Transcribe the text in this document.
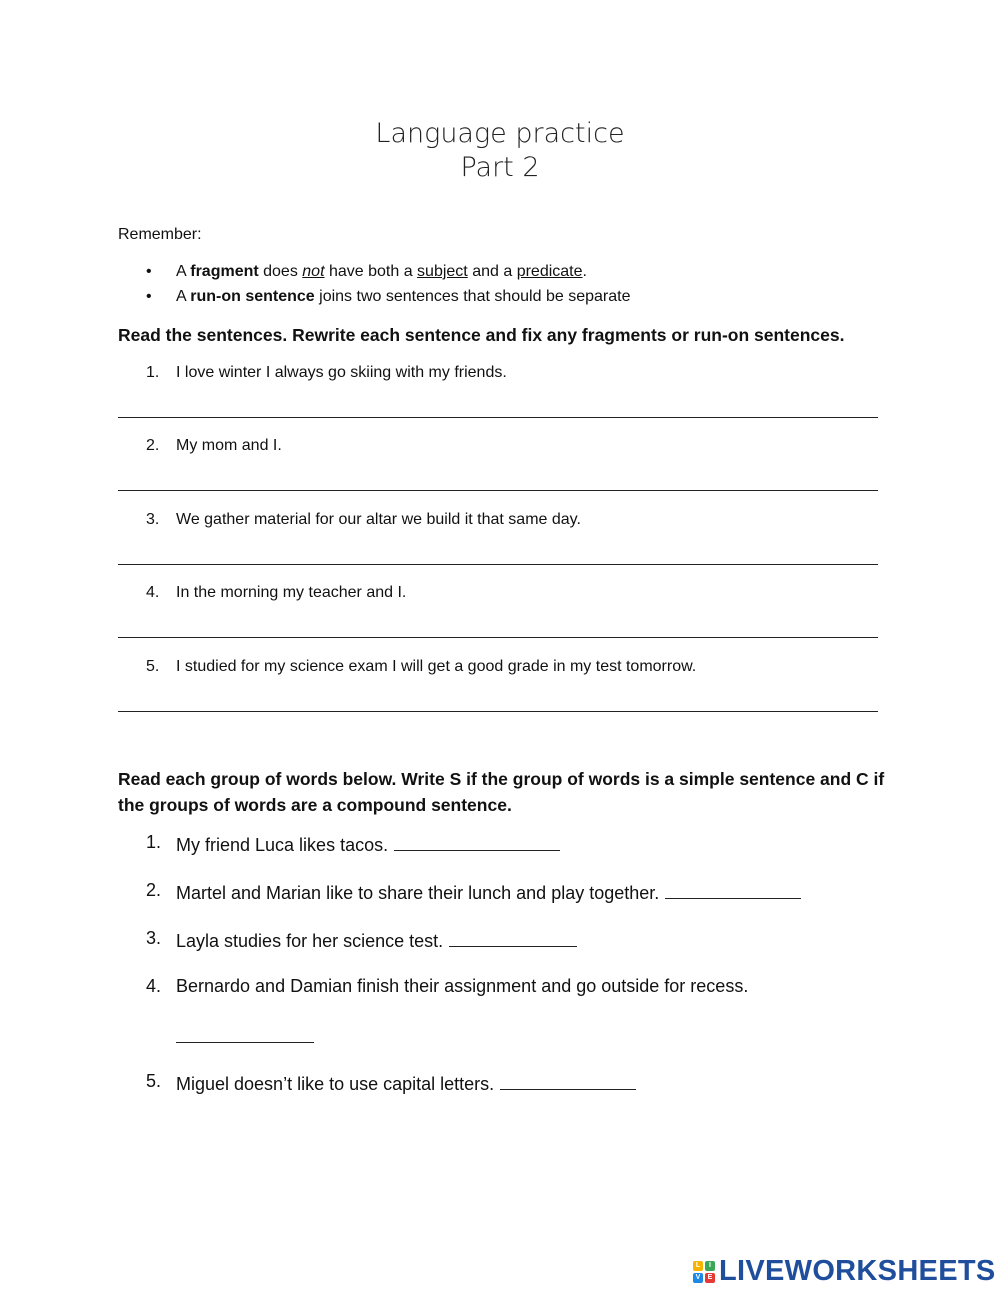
Language practice
Part 2
Remember:
• A fragment does not have both a subject and a predicate.
• A run-on sentence joins two sentences that should be separate
Read the sentences. Rewrite each sentence and fix any fragments or run-on sentences.
1. I love winter I always go skiing with my friends.
2. My mom and I.
3. We gather material for our altar we build it that same day.
4. In the morning my teacher and I.
5. I studied for my science exam I will get a good grade in my test tomorrow.
Read each group of words below. Write S if the group of words is a simple sentence and C if
the groups of words are a compound sentence.
1. My friend Luca likes tacos.
2. Martel and Marian like to share their lunch and play together.
3. Layla studies for her science test.
4. Bernardo and Damian finish their assignment and go outside for recess.
5. Miguel doesn’t like to use capital letters.
L	I
V	E LIVEWORKSHEETS
